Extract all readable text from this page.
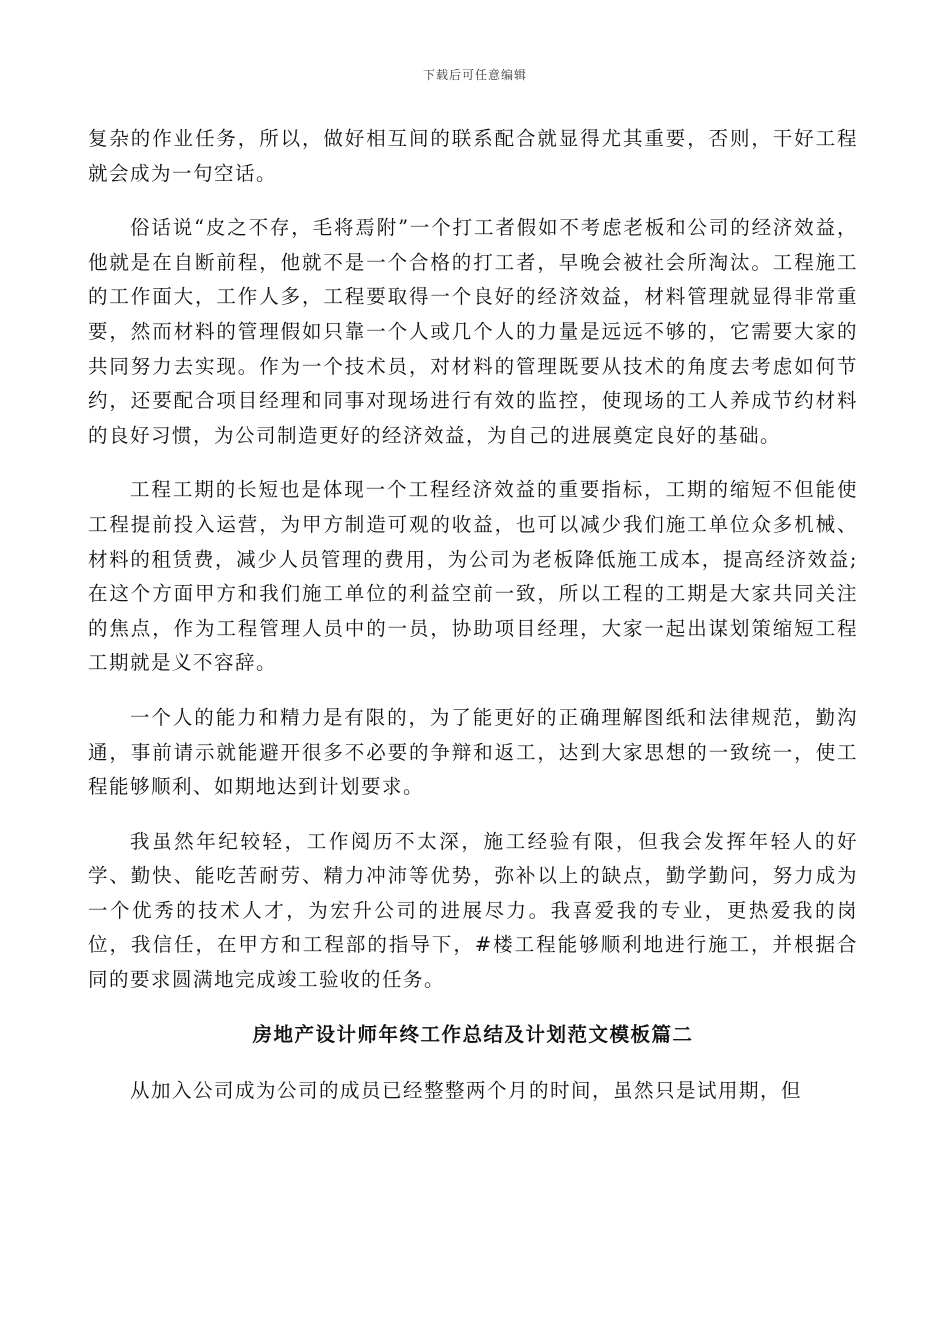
下载后可任意编辑

复杂的作业任务，所以，做好相互间的联系配合就显得尤其重要，否则，干好工程就会成为一句空话。

俗话说“皮之不存，毛将焉附”一个打工者假如不考虑老板和公司的经济效益，他就是在自断前程，他就不是一个合格的打工者，早晚会被社会所淘汰。工程施工的工作面大，工作人多，工程要取得一个良好的经济效益，材料管理就显得非常重要，然而材料的管理假如只靠一个人或几个人的力量是远远不够的，它需要大家的共同努力去实现。作为一个技术员，对材料的管理既要从技术的角度去考虑如何节约，还要配合项目经理和同事对现场进行有效的监控，使现场的工人养成节约材料的良好习惯，为公司制造更好的经济效益，为自己的进展奠定良好的基础。

工程工期的长短也是体现一个工程经济效益的重要指标，工期的缩短不但能使工程提前投入运营，为甲方制造可观的收益，也可以减少我们施工单位众多机械、材料的租赁费，减少人员管理的费用，为公司为老板降低施工成本，提高经济效益;在这个方面甲方和我们施工单位的利益空前一致，所以工程的工期是大家共同关注的焦点，作为工程管理人员中的一员，协助项目经理，大家一起出谋划策缩短工程工期就是义不容辞。

一个人的能力和精力是有限的，为了能更好的正确理解图纸和法律规范，勤沟通，事前请示就能避开很多不必要的争辩和返工，达到大家思想的一致统一，使工程能够顺利、如期地达到计划要求。

我虽然年纪较轻，工作阅历不太深，施工经验有限，但我会发挥年轻人的好学、勤快、能吃苦耐劳、精力冲沛等优势，弥补以上的缺点，勤学勤问，努力成为一个优秀的技术人才，为宏升公司的进展尽力。我喜爱我的专业，更热爱我的岗位，我信任，在甲方和工程部的指导下，#楼工程能够顺利地进行施工，并根据合同的要求圆满地完成竣工验收的任务。

房地产设计师年终工作总结及计划范文模板篇二

从加入公司成为公司的成员已经整整两个月的时间，虽然只是试用期，但
